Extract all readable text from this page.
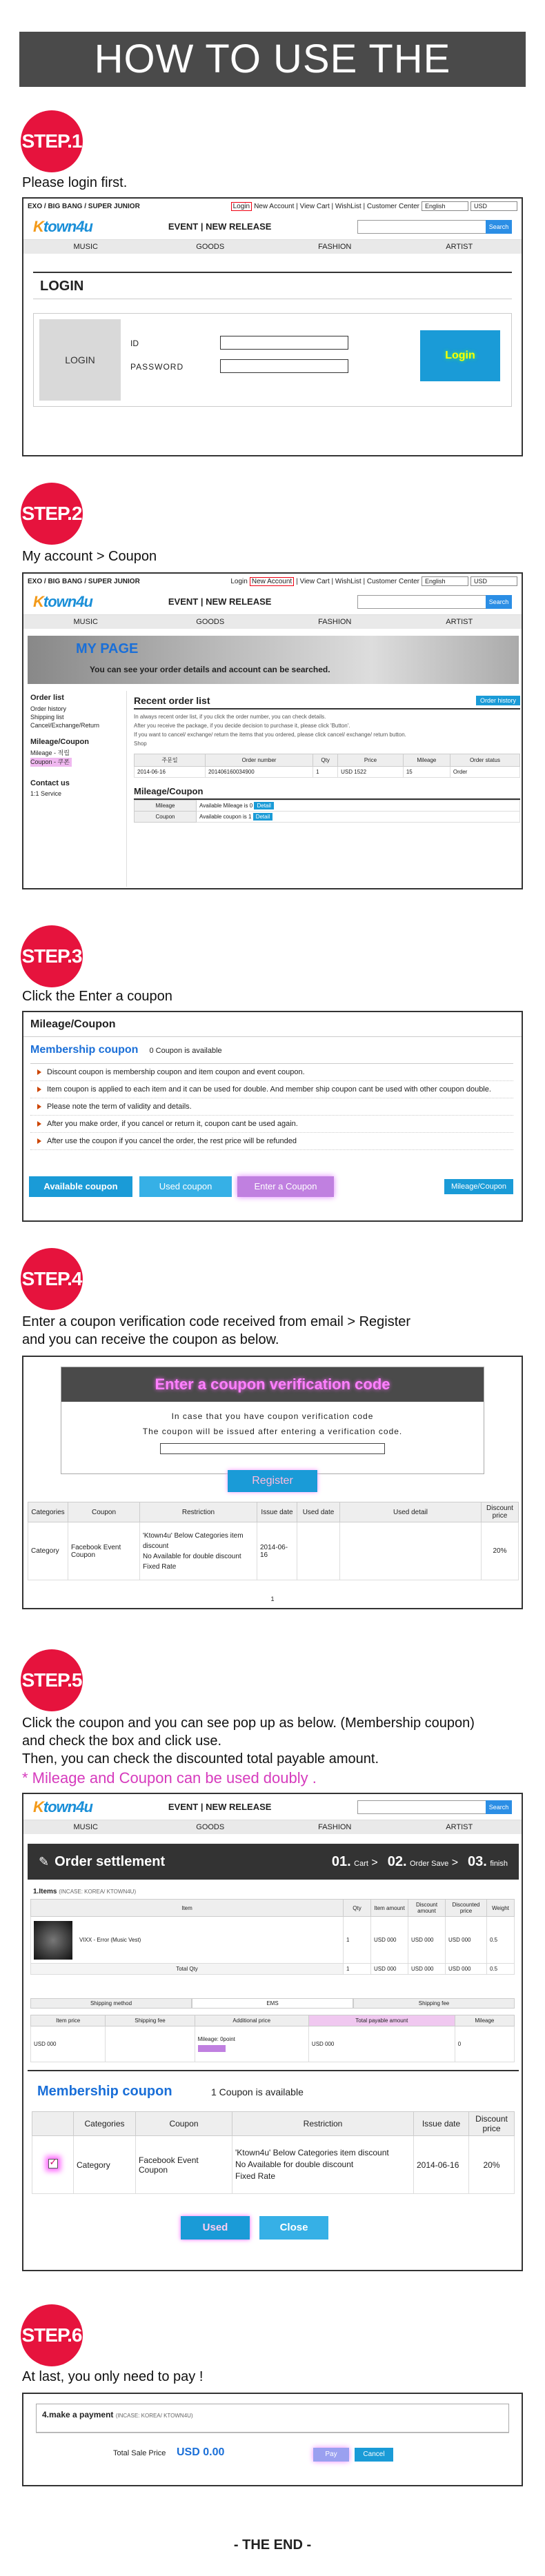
HOW TO USE THE COUPON
STEP.1
Please login first.
EXO / BIG BANG / SUPER JUNIOR	Login New Account | View Cart | WishList | Customer Center English	USD
Ktown4u	EVENT | NEW RELEASE	Search
MUSIC	GOODS	FASHION	ARTIST
LOGIN
LOGIN
ID
PASSWORD
Login
STEP.2
My account > Coupon
EXO / BIG BANG / SUPER JUNIOR	Login New Account | View Cart | WishList | Customer Center English	USD
Ktown4u	EVENT | NEW RELEASE	Search
MUSIC	GOODS	FASHION	ARTIST
MY PAGE
You can see your order details and account can be searched.
Order list
Order history
Shipping list
Cancel/Exchange/Return
Mileage/Coupon
Mileage - 적립
Coupon - 쿠폰
Contact us
1:1 Service
Recent order list	Order history
In always recent order list, if you click the order number, you can check details.
After you receive the package, if you decide decision to purchase it, please click 'Button'.
If you want to cancel/ exchange/ return the items that you ordered, please click cancel/ exchange/ return button.
Shop
주문일	Order number	Qty	Price	Mileage	Order status
2014-06-16	201406160034900	1	USD 1522	15	Order
Mileage/Coupon
Mileage	Available Mileage is 0 Detail
Coupon	Available coupon is 1 Detail
STEP.3
Click the Enter a coupon
Mileage/Coupon
Membership coupon 0 Coupon is available
Discount coupon is membership coupon and item coupon and event coupon.
Item coupon is applied to each item and it can be used for double. And member ship coupon cant be used with other coupon double.
Please note the term of validity and details.
After you make order, if you cancel or return it, coupon cant be used again.
After use the coupon if you cancel the order, the rest price will be refunded
Available coupon	Used coupon	Enter a Coupon	Mileage/Coupon
STEP.4
Enter a coupon verification code received from email > Register
and you can receive the coupon as below.
Enter a coupon verification code
In case that you have coupon verification code
The coupon will be issued after entering a verification code.
Register
Categories	Coupon	Restriction	Issue date	Used date	Used detail	Discount price
Category	Facebook Event Coupon	'Ktown4u' Below Categories item discount
No Available for double discount
Fixed Rate	2014-06-16			20%
1
STEP.5
Click the coupon and you can see pop up as below. (Membership coupon)
and check the box and click use.
Then, you can check the discounted total payable amount.
* Mileage and Coupon can be used doubly .
Ktown4u	EVENT | NEW RELEASE	Search
MUSIC	GOODS	FASHION	ARTIST
✎ Order settlement	01. Cart > 02. Order Save > 03. finish
1.Items (INCASE: KOREA/ KTOWN4U)
Item	Qty	Item amount	Discount amount	Discounted price	Weight
VIXX - Error (Music Vest)	1	USD 000	USD 000	USD 000	0.5
Total Qty	1	USD 000	USD 000	USD 000	0.5
Shipping method	EMS	Shipping fee
Item price	Shipping fee	Additional price	Total payable amount	Mileage
USD 000		Mileage: 0point	USD 000	0
Membership coupon	1 Coupon is available
	Categories	Coupon	Restriction	Issue date	Discount price

✓	Category	Facebook Event Coupon	'Ktown4u' Below Categories item discount
No Available for double discount
Fixed Rate	2014-06-16	20%
Used	Close
STEP.6
At last, you only need to pay !
4.make a payment (INCASE: KOREA/ KTOWN4U)
Total Sale Price USD 0.00	Pay	Cancel
- THE END -
